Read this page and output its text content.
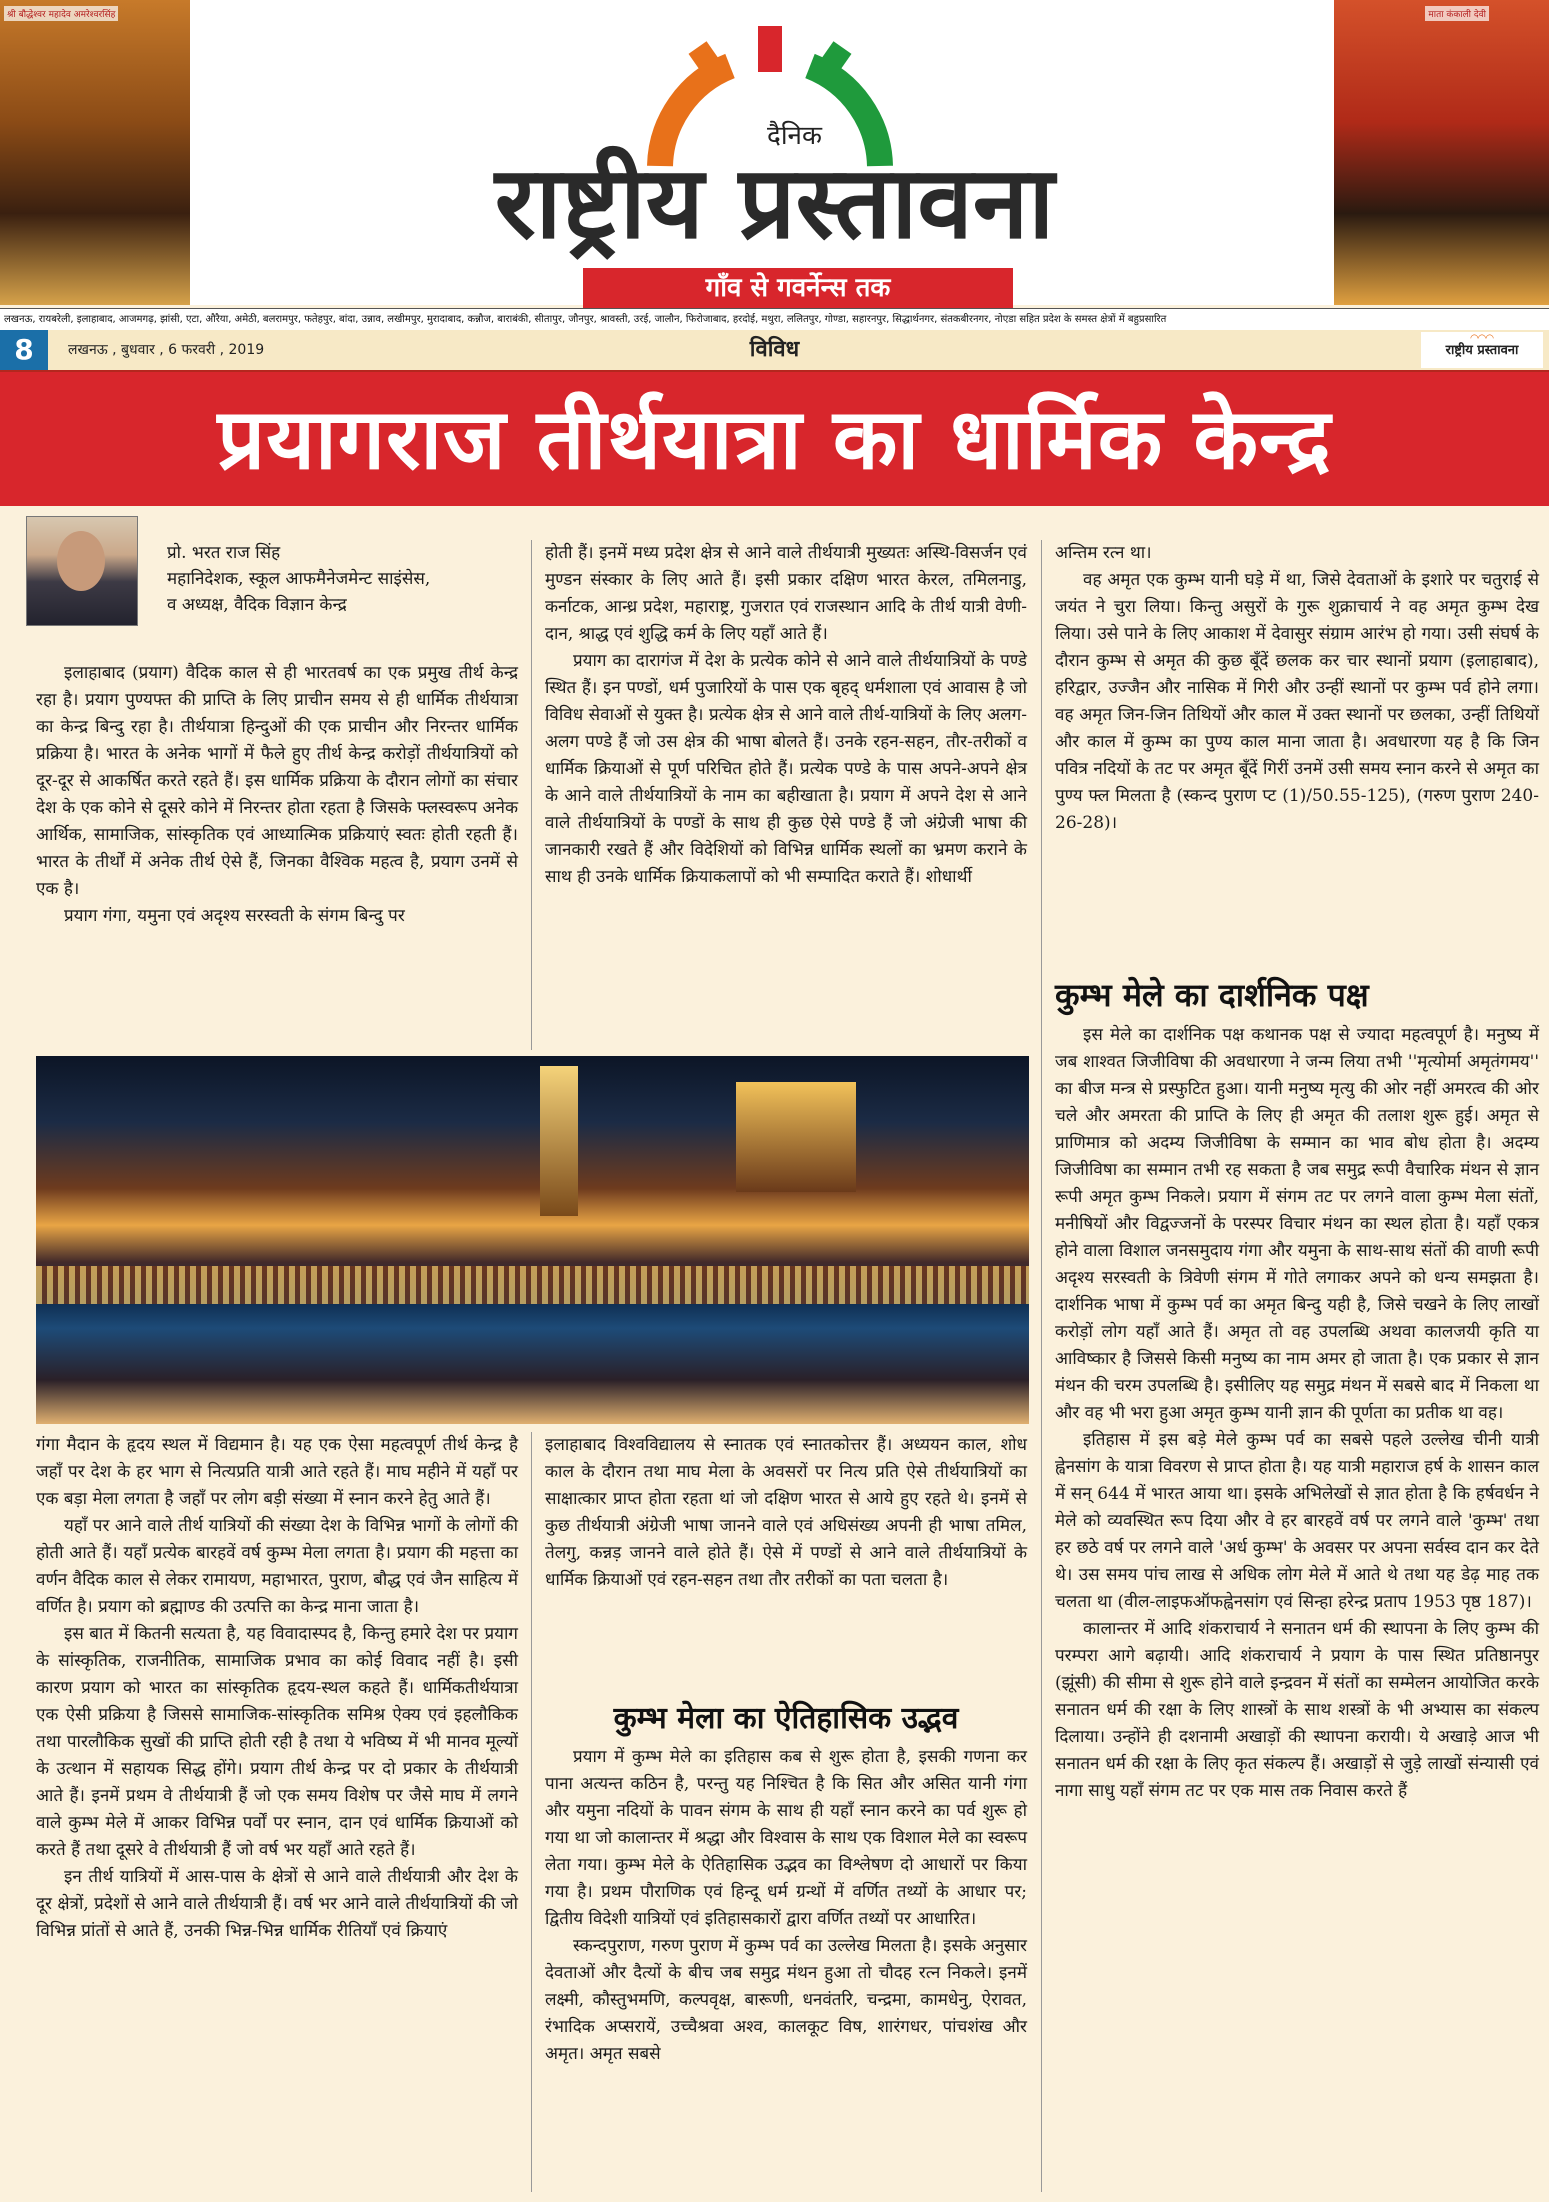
श्री बौद्धेश्वर महादेव अमरेश्वरसिंह
दैनिक
राष्ट्रीय प्रस्तावना
गाँव से गवर्नेन्स तक
माता कंकाली देवी
लखनऊ, रायबरेली, इलाहाबाद, आजमगढ़, झांसी, एटा, औरैया, अमेठी, बलरामपुर, फतेहपुर, बांदा, उन्नाव, लखीमपुर, मुरादाबाद, कन्नौज, बाराबंकी, सीतापुर, जौनपुर, श्रावस्ती, उरई, जालौन, फिरोजाबाद, हरदोई, मथुरा, ललितपुर, गोण्डा, सहारनपुर, सिद्धार्थनगर, संतकबीरनगर, नोएडा सहित प्रदेश के समस्त क्षेत्रों में बहुप्रसारित
विविध
8	लखनऊ , बुधवार , 6 फरवरी , 2019
◠◠◠
राष्ट्रीय प्रस्तावना
प्रयागराज तीर्थयात्रा का धार्मिक केन्द्र
प्रो. भरत राज सिंह
महानिदेशक, स्कूल आफमैनेजमेन्ट साइंसेस,
व अध्यक्ष, वैदिक विज्ञान केन्द्र

इलाहाबाद (प्रयाग) वैदिक काल से ही भारतवर्ष का एक प्रमुख तीर्थ केन्द्र रहा है। प्रयाग पुण्यफ्त की प्राप्ति के लिए प्राचीन समय से ही धार्मिक तीर्थयात्रा का केन्द्र बिन्दु रहा है। तीर्थयात्रा हिन्दुओं की एक प्राचीन और निरन्तर धार्मिक प्रक्रिया है। भारत के अनेक भागों में फैले हुए तीर्थ केन्द्र करोड़ों तीर्थयात्रियों को दूर-दूर से आकर्षित करते रहते हैं। इस धार्मिक प्रक्रिया के दौरान लोगों का संचार देश के एक कोने से दूसरे कोने में निरन्तर होता रहता है जिसके फ्लस्वरूप अनेक आर्थिक, सामाजिक, सांस्कृतिक एवं आध्यात्मिक प्रक्रियाएं स्वतः होती रहती हैं। भारत के तीर्थों में अनेक तीर्थ ऐसे हैं, जिनका वैश्विक महत्व है, प्रयाग उनमें से एक है।

प्रयाग गंगा, यमुना एवं अदृश्य सरस्वती के संगम बिन्दु पर

होती हैं। इनमें मध्य प्रदेश क्षेत्र से आने वाले तीर्थयात्री मुख्यतः अस्थि-विसर्जन एवं मुण्डन संस्कार के लिए आते हैं। इसी प्रकार दक्षिण भारत केरल, तमिलनाडु, कर्नाटक, आन्ध्र प्रदेश, महाराष्ट्र, गुजरात एवं राजस्थान आदि के तीर्थ यात्री वेणी-दान, श्राद्ध एवं शुद्धि कर्म के लिए यहाँ आते हैं।

प्रयाग का दारागंज में देश के प्रत्येक कोने से आने वाले तीर्थयात्रियों के पण्डे स्थित हैं। इन पण्डों, धर्म पुजारियों के पास एक बृहद् धर्मशाला एवं आवास है जो विविध सेवाओं से युक्त है। प्रत्येक क्षेत्र से आने वाले तीर्थ-यात्रियों के लिए अलग-अलग पण्डे हैं जो उस क्षेत्र की भाषा बोलते हैं। उनके रहन-सहन, तौर-तरीकों व धार्मिक क्रियाओं से पूर्ण परिचित होते हैं। प्रत्येक पण्डे के पास अपने-अपने क्षेत्र के आने वाले तीर्थयात्रियों के नाम का बहीखाता है। प्रयाग में अपने देश से आने वाले तीर्थयात्रियों के पण्डों के साथ ही कुछ ऐसे पण्डे हैं जो अंग्रेजी भाषा की जानकारी रखते हैं और विदेशियों को विभिन्न धार्मिक स्थलों का भ्रमण कराने के साथ ही उनके धार्मिक क्रियाकलापों को भी सम्पादित कराते हैं। शोधार्थी

गंगा मैदान के हृदय स्थल में विद्यमान है। यह एक ऐसा महत्वपूर्ण तीर्थ केन्द्र है जहाँ पर देश के हर भाग से नित्यप्रति यात्री आते रहते हैं। माघ महीने में यहाँ पर एक बड़ा मेला लगता है जहाँ पर लोग बड़ी संख्या में स्नान करने हेतु आते हैं।

यहाँ पर आने वाले तीर्थ यात्रियों की संख्या देश के विभिन्न भागों के लोगों की होती आते हैं। यहाँ प्रत्येक बारहवें वर्ष कुम्भ मेला लगता है। प्रयाग की महत्ता का वर्णन वैदिक काल से लेकर रामायण, महाभारत, पुराण, बौद्ध एवं जैन साहित्य में वर्णित है। प्रयाग को ब्रह्माण्ड की उत्पत्ति का केन्द्र माना जाता है।

इस बात में कितनी सत्यता है, यह विवादास्पद है, किन्तु हमारे देश पर प्रयाग के सांस्कृतिक, राजनीतिक, सामाजिक प्रभाव का कोई विवाद नहीं है। इसी कारण प्रयाग को भारत का सांस्कृतिक हृदय-स्थल कहते हैं। धार्मिकतीर्थयात्रा एक ऐसी प्रक्रिया है जिससे सामाजिक-सांस्कृतिक समिश्र ऐक्य एवं इहलौकिक तथा पारलौकिक सुखों की प्राप्ति होती रही है तथा ये भविष्य में भी मानव मूल्यों के उत्थान में सहायक सिद्ध होंगे। प्रयाग तीर्थ केन्द्र पर दो प्रकार के तीर्थयात्री आते हैं। इनमें प्रथम वे तीर्थयात्री हैं जो एक समय विशेष पर जैसे माघ में लगने वाले कुम्भ मेले में आकर विभिन्न पर्वों पर स्नान, दान एवं धार्मिक क्रियाओं को करते हैं तथा दूसरे वे तीर्थयात्री हैं जो वर्ष भर यहाँ आते रहते हैं।

इन तीर्थ यात्रियों में आस-पास के क्षेत्रों से आने वाले तीर्थयात्री और देश के दूर क्षेत्रों, प्रदेशों से आने वाले तीर्थयात्री हैं। वर्ष भर आने वाले तीर्थयात्रियों की जो विभिन्न प्रांतों से आते हैं, उनकी भिन्न-भिन्न धार्मिक रीतियाँ एवं क्रियाएं

इलाहाबाद विश्वविद्यालय से स्नातक एवं स्नातकोत्तर हैं। अध्ययन काल, शोध काल के दौरान तथा माघ मेला के अवसरों पर नित्य प्रति ऐसे तीर्थयात्रियों का साक्षात्कार प्राप्त होता रहता थां जो दक्षिण भारत से आये हुए रहते थे। इनमें से कुछ तीर्थयात्री अंग्रेजी भाषा जानने वाले एवं अधिसंख्य अपनी ही भाषा तमिल, तेलगु, कन्नड़ जानने वाले होते हैं। ऐसे में पण्डों से आने वाले तीर्थयात्रियों के धार्मिक क्रियाओं एवं रहन-सहन तथा तौर तरीकों का पता चलता है।

कुम्भ मेला का ऐतिहासिक उद्भव

प्रयाग में कुम्भ मेले का इतिहास कब से शुरू होता है, इसकी गणना कर पाना अत्यन्त कठिन है, परन्तु यह निश्चित है कि सित और असित यानी गंगा और यमुना नदियों के पावन संगम के साथ ही यहाँ स्नान करने का पर्व शुरू हो गया था जो कालान्तर में श्रद्धा और विश्वास के साथ एक विशाल मेले का स्वरूप लेता गया। कुम्भ मेले के ऐतिहासिक उद्भव का विश्लेषण दो आधारों पर किया गया है। प्रथम पौराणिक एवं हिन्दू धर्म ग्रन्थों में वर्णित तथ्यों के आधार पर; द्वितीय विदेशी यात्रियों एवं इतिहासकारों द्वारा वर्णित तथ्यों पर आधारित।

स्कन्दपुराण, गरुण पुराण में कुम्भ पर्व का उल्लेख मिलता है। इसके अनुसार देवताओं और दैत्यों के बीच जब समुद्र मंथन हुआ तो चौदह रत्न निकले। इनमें लक्ष्मी, कौस्तुभमणि, कल्पवृक्ष, बारूणी, धनवंतरि, चन्द्रमा, कामधेनु, ऐरावत, रंभादिक अप्सरायें, उच्चैश्रवा अश्व, कालकूट विष, शारंगधर, पांचशंख और अमृत। अमृत सबसे

अन्तिम रत्न था।

वह अमृत एक कुम्भ यानी घड़े में था, जिसे देवताओं के इशारे पर चतुराई से जयंत ने चुरा लिया। किन्तु असुरों के गुरू शुक्राचार्य ने वह अमृत कुम्भ देख लिया। उसे पाने के लिए आकाश में देवासुर संग्राम आरंभ हो गया। उसी संघर्ष के दौरान कुम्भ से अमृत की कुछ बूँदें छलक कर चार स्थानों प्रयाग (इलाहाबाद), हरिद्वार, उज्जैन और नासिक में गिरी और उन्हीं स्थानों पर कुम्भ पर्व होने लगा। वह अमृत जिन-जिन तिथियों और काल में उक्त स्थानों पर छलका, उन्हीं तिथियों और काल में कुम्भ का पुण्य काल माना जाता है। अवधारणा यह है कि जिन पवित्र नदियों के तट पर अमृत बूँदें गिरीं उनमें उसी समय स्नान करने से अमृत का पुण्य फ्ल मिलता है (स्कन्द पुराण प्ट (1)/50.55-125), (गरुण पुराण 240-26-28)।

कुम्भ मेले का दार्शनिक पक्ष

इस मेले का दार्शनिक पक्ष कथानक पक्ष से ज्यादा महत्वपूर्ण है। मनुष्य में जब शाश्वत जिजीविषा की अवधारणा ने जन्म लिया तभी ''मृत्योर्मा अमृतंगमय'' का बीज मन्त्र से प्रस्फुटित हुआ। यानी मनुष्य मृत्यु की ओर नहीं अमरत्व की ओर चले और अमरता की प्राप्ति के लिए ही अमृत की तलाश शुरू हुई। अमृत से प्राणिमात्र को अदम्य जिजीविषा के सम्मान का भाव बोध होता है। अदम्य जिजीविषा का सम्मान तभी रह सकता है जब समुद्र रूपी वैचारिक मंथन से ज्ञान रूपी अमृत कुम्भ निकले। प्रयाग में संगम तट पर लगने वाला कुम्भ मेला संतों, मनीषियों और विद्वज्जनों के परस्पर विचार मंथन का स्थल होता है। यहाँ एकत्र होने वाला विशाल जनसमुदाय गंगा और यमुना के साथ-साथ संतों की वाणी रूपी अदृश्य सरस्वती के त्रिवेणी संगम में गोते लगाकर अपने को धन्य समझता है। दार्शनिक भाषा में कुम्भ पर्व का अमृत बिन्दु यही है, जिसे चखने के लिए लाखों करोड़ों लोग यहाँ आते हैं। अमृत तो वह उपलब्धि अथवा कालजयी कृति या आविष्कार है जिससे किसी मनुष्य का नाम अमर हो जाता है। एक प्रकार से ज्ञान मंथन की चरम उपलब्धि है। इसीलिए यह समुद्र मंथन में सबसे बाद में निकला था और वह भी भरा हुआ अमृत कुम्भ यानी ज्ञान की पूर्णता का प्रतीक था वह।

इतिहास में इस बड़े मेले कुम्भ पर्व का सबसे पहले उल्लेख चीनी यात्री ह्वेनसांग के यात्रा विवरण से प्राप्त होता है। यह यात्री महाराज हर्ष के शासन काल में सन् 644 में भारत आया था। इसके अभिलेखों से ज्ञात होता है कि हर्षवर्धन ने मेले को व्यवस्थित रूप दिया और वे हर बारहवें वर्ष पर लगने वाले 'कुम्भ' तथा हर छठे वर्ष पर लगने वाले 'अर्ध कुम्भ' के अवसर पर अपना सर्वस्व दान कर देते थे। उस समय पांच लाख से अधिक लोग मेले में आते थे तथा यह डेढ़ माह तक चलता था (वील-लाइफऑफह्वेनसांग एवं सिन्हा हरेन्द्र प्रताप 1953 पृष्ठ 187)।

कालान्तर में आदि शंकराचार्य ने सनातन धर्म की स्थापना के लिए कुम्भ की परम्परा आगे बढ़ायी। आदि शंकराचार्य ने प्रयाग के पास स्थित प्रतिष्ठानपुर (झूंसी) की सीमा से शुरू होने वाले इन्द्रवन में संतों का सम्मेलन आयोजित करके सनातन धर्म की रक्षा के लिए शास्त्रों के साथ शस्त्रों के भी अभ्यास का संकल्प दिलाया। उन्होंने ही दशनामी अखाड़ों की स्थापना करायी। ये अखाड़े आज भी सनातन धर्म की रक्षा के लिए कृत संकल्प हैं। अखाड़ों से जुड़े लाखों संन्यासी एवं नागा साधु यहाँ संगम तट पर एक मास तक निवास करते हैं
